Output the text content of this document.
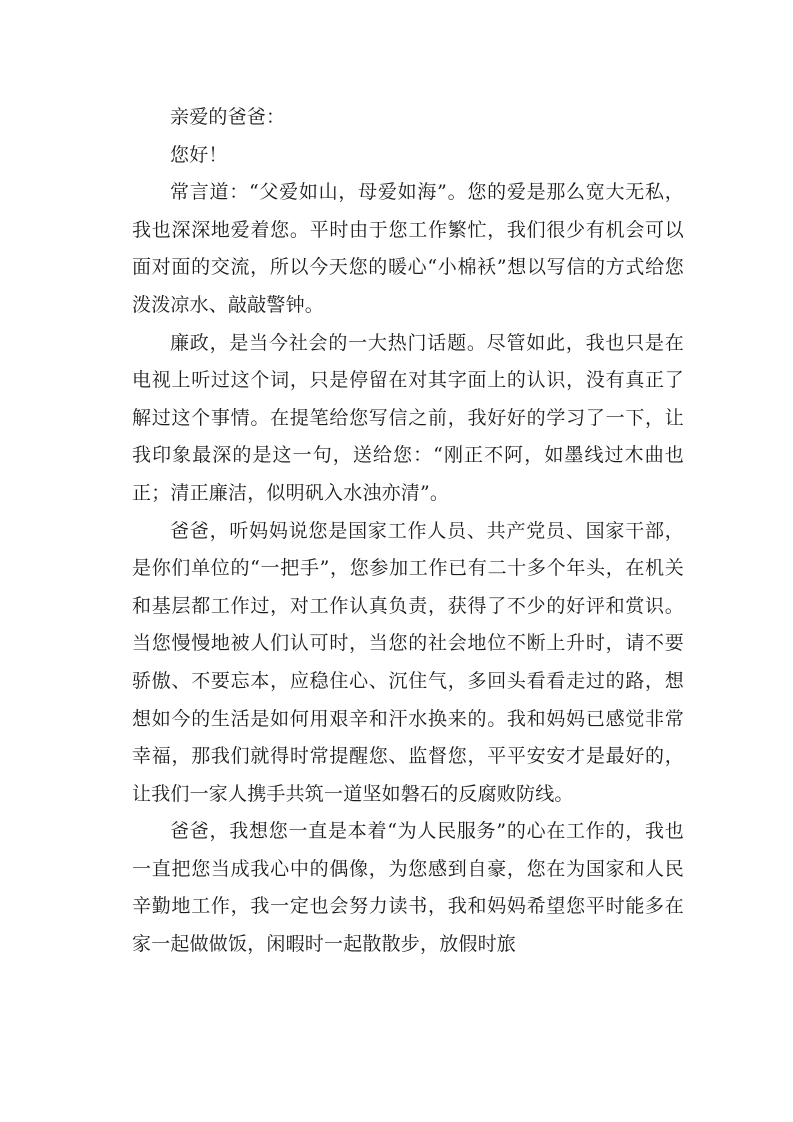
亲爱的爸爸：

您好！

常言道：“父爱如山，母爱如海”。您的爱是那么宽大无私，我也深深地爱着您。平时由于您工作繁忙，我们很少有机会可以面对面的交流，所以今天您的暖心“小棉袄”想以写信的方式给您泼泼凉水、敲敲警钟。

廉政，是当今社会的一大热门话题。尽管如此，我也只是在电视上听过这个词，只是停留在对其字面上的认识，没有真正了解过这个事情。在提笔给您写信之前，我好好的学习了一下，让我印象最深的是这一句，送给您：“刚正不阿，如墨线过木曲也正；清正廉洁，似明矾入水浊亦清”。

爸爸，听妈妈说您是国家工作人员、共产党员、国家干部，是你们单位的“一把手”，您参加工作已有二十多个年头，在机关和基层都工作过，对工作认真负责，获得了不少的好评和赏识。当您慢慢地被人们认可时，当您的社会地位不断上升时，请不要骄傲、不要忘本，应稳住心、沉住气，多回头看看走过的路，想想如今的生活是如何用艰辛和汗水换来的。我和妈妈已感觉非常幸福，那我们就得时常提醒您、监督您，平平安安才是最好的，让我们一家人携手共筑一道坚如磐石的反腐败防线。

爸爸，我想您一直是本着“为人民服务”的心在工作的，我也一直把您当成我心中的偶像，为您感到自豪，您在为国家和人民辛勤地工作，我一定也会努力读书，我和妈妈希望您平时能多在家一起做做饭，闲暇时一起散散步，放假时旅
